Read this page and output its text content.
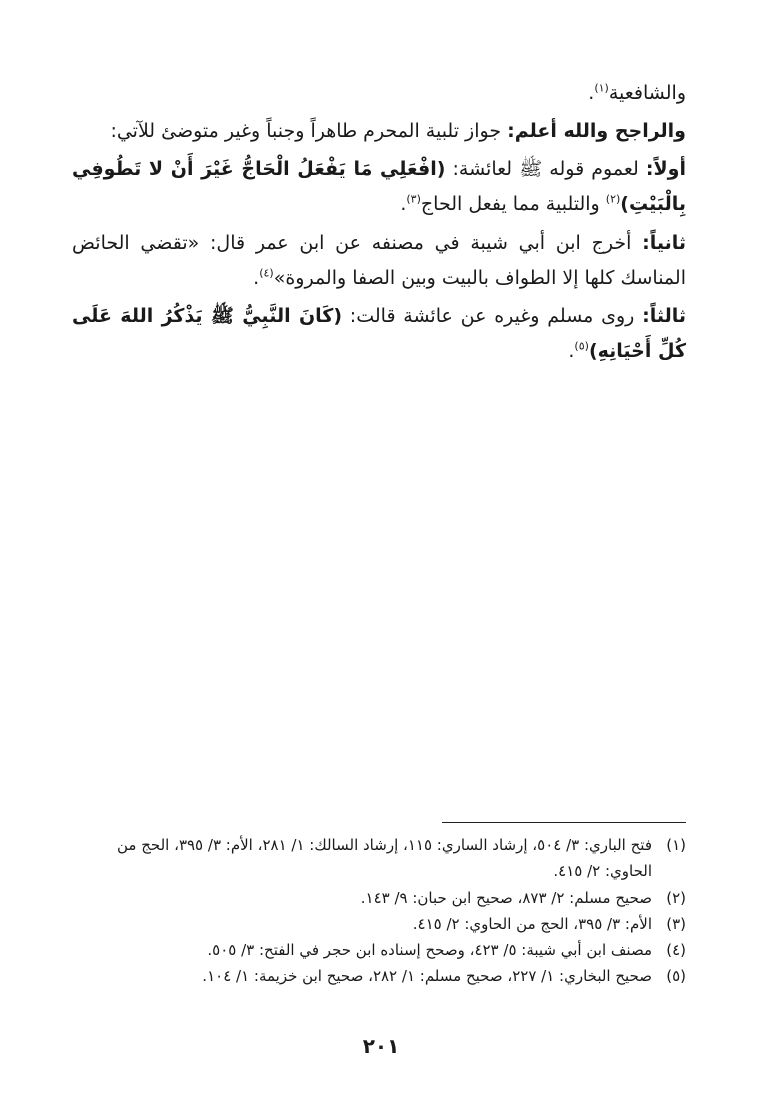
والشافعية$^{(١)}$.

والراجح والله أعلم: جواز تلبية المحرم طاهراً وجنباً وغير متوضئ للآتي:

أولاً: لعموم قوله ﷺ لعائشة: (افْعَلِي مَا يَفْعَلُ الْحَاجُّ غَيْرَ أَنْ لا تَطُوفِي بِالْبَيْتِ)$^{(٢)}$ والتلبية مما يفعل الحاج$^{(٣)}$.

ثانياً: أخرج ابن أبي شيبة في مصنفه عن ابن عمر قال: «تقضي الحائض المناسك كلها إلا الطواف بالبيت وبين الصفا والمروة»$^{(٤)}$.

ثالثاً: روى مسلم وغيره عن عائشة قالت: (كَانَ النَّبِيُّ ﷺ يَذْكُرُ اللهَ عَلَى كُلِّ أَحْيَانِهِ)$^{(٥)}$.

(١)
فتح الباري: ٣/ ٥٠٤، إرشاد الساري: ١١٥، إرشاد السالك: ١/ ٢٨١، الأم: ٣/ ٣٩٥، الحج من الحاوي: ٢/ ٤١٥.
(٢)
صحيح مسلم: ٢/ ٨٧٣، صحيح ابن حبان: ٩/ ١٤٣.
(٣)
الأم: ٣/ ٣٩٥، الحج من الحاوي: ٢/ ٤١٥.
(٤)
مصنف ابن أبي شيبة: ٥/ ٤٢٣، وصحح إسناده ابن حجر في الفتح: ٣/ ٥٠٥.
(٥)
صحيح البخاري: ١/ ٢٢٧، صحيح مسلم: ١/ ٢٨٢، صحيح ابن خزيمة: ١/ ١٠٤.
٢٠١
